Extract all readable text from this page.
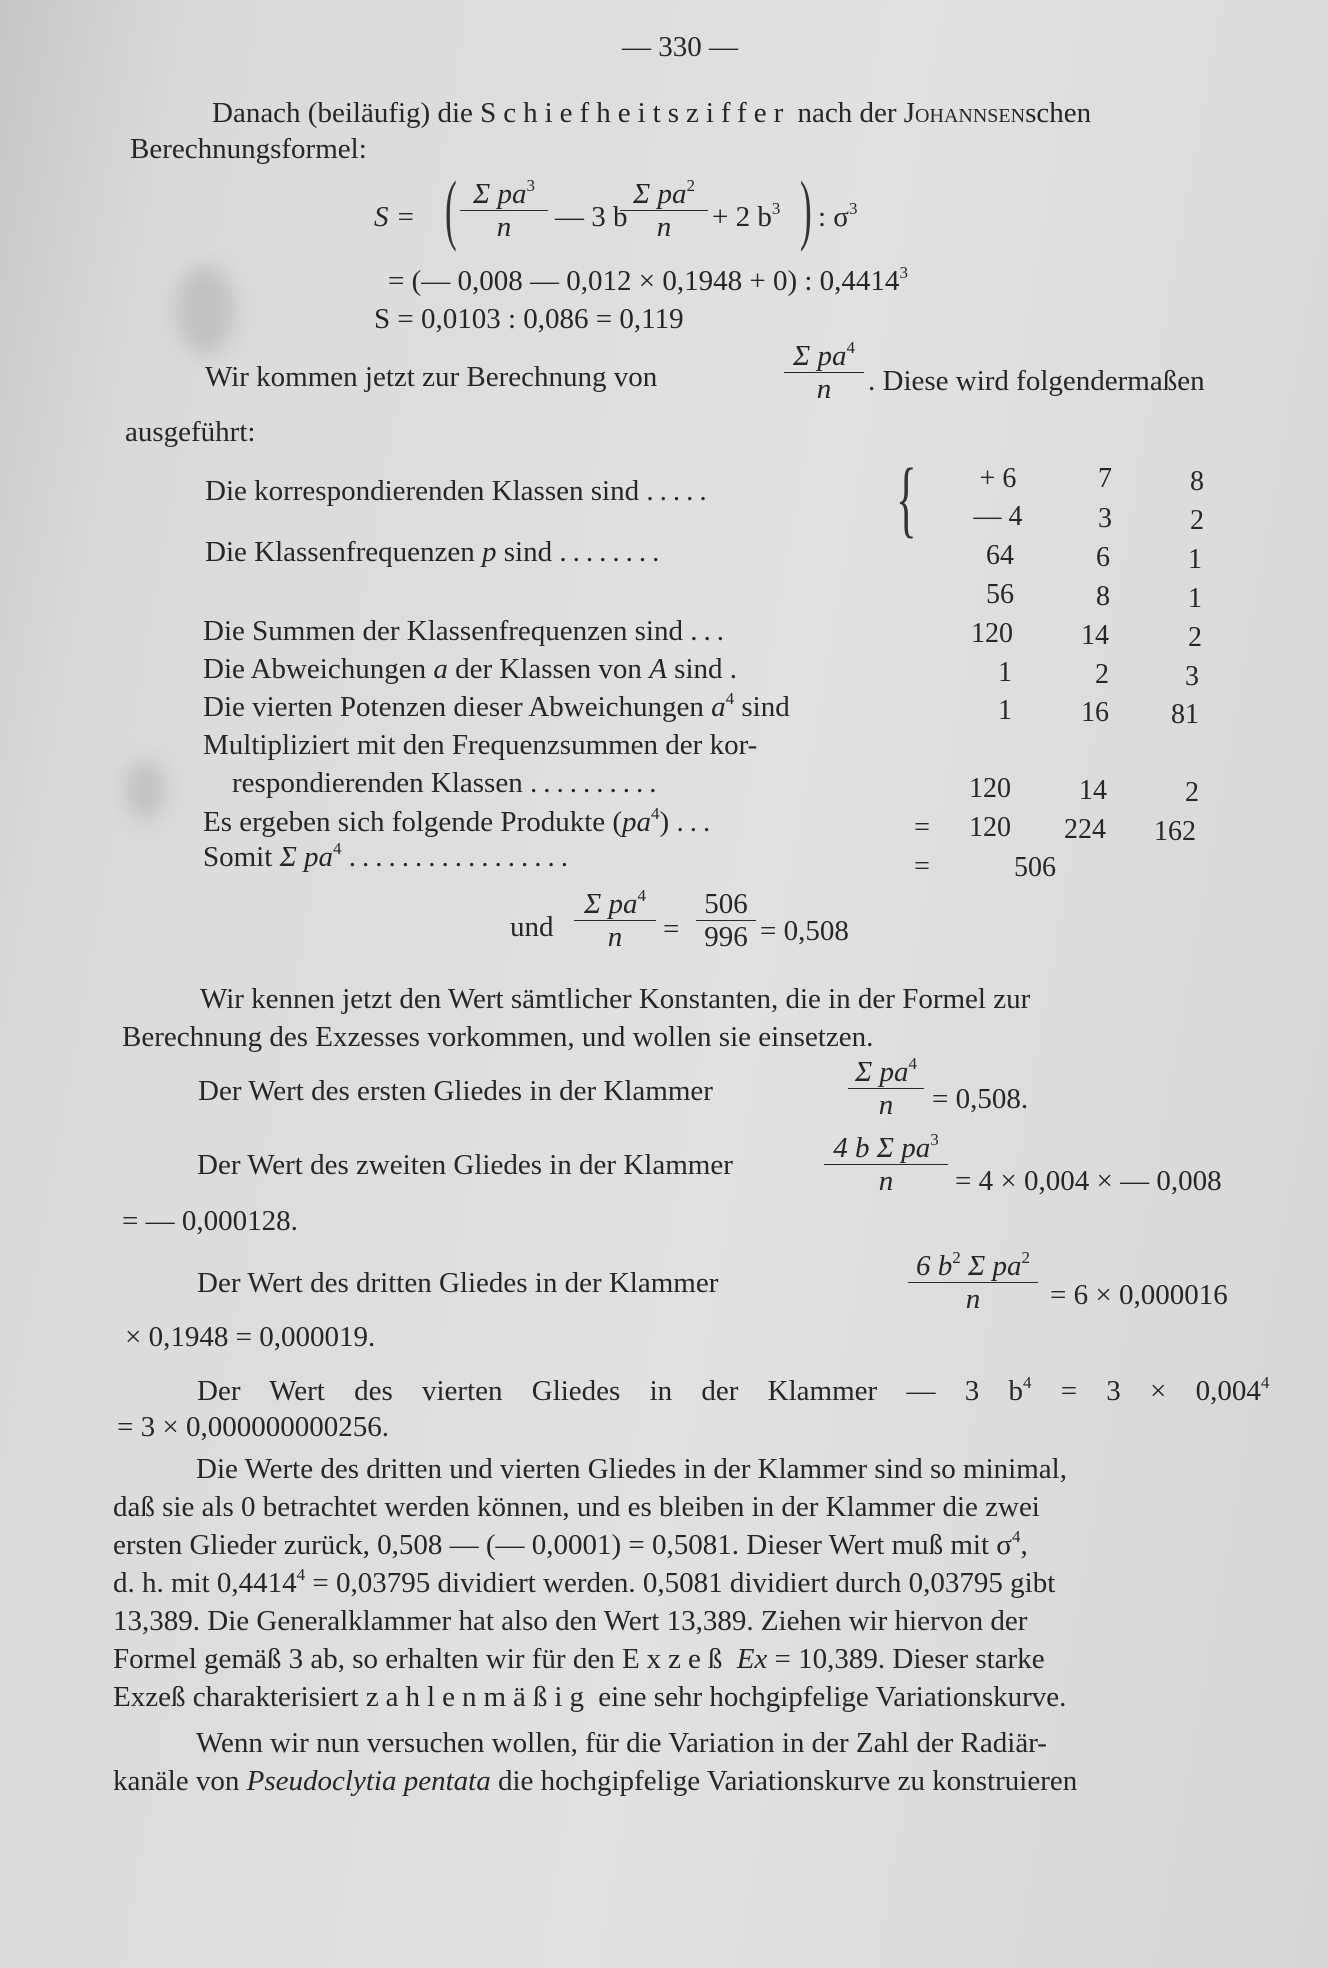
— 330 —
Danach (beiläufig) die Schiefheitsziffer nach der Johannsenschen
Berechnungsformel:
S = ( Σ $pa^3$
n	— 3 b
Σ $pa^2$
n	+ 2 $b^3$ ) : $\sigma^3$
= (— 0,008 — 0,012 × 0,1948 + 0) : 0,4414$^3$
S = 0,0103 : 0,086 = 0,119
Wir kommen jetzt zur Berechnung von
Σ $pa^4$
n	. Diese wird folgendermaßen
ausgeführt:
Die korrespondierenden Klassen sind ..... {
Die Klassenfrequenzen p sind ........
Die Summen der Klassenfrequenzen sind ...
Die Abweichungen a der Klassen von A sind .
Die vierten Potenzen dieser Abweichungen $a^4$ sind
Multipliziert mit den Frequenzsummen der kor-
respondierenden Klassen ..........
Es ergeben sich folgende Produkte $(pa^4)$ ...
Somit Σ $pa^4$ .................
+ 6	7	8
— 4	3	2
64	6	1
56	8	1
120	14	2
1	2	3
1	16	81
120	14	2
=	120	224	162
=	506
und
Σ $pa^4$
n	=
506
996 = 0,508
Wir kennen jetzt den Wert sämtlicher Konstanten, die in der Formel zur
Berechnung des Exzesses vorkommen, und wollen sie einsetzen.
Der Wert des ersten Gliedes in der Klammer
Σ $pa^4$
n	= 0,508.
Der Wert des zweiten Gliedes in der Klammer
4 b Σ $pa^3$
n	= 4 × 0,004 × — 0,008
= — 0,000128.
Der Wert des dritten Gliedes in der Klammer
6 $b^2$ Σ $pa^2$
n	= 6 × 0,000016
× 0,1948 = 0,000019.
Der Wert des vierten Gliedes in der Klammer — 3 $b^4 = 3 \times 0,004^4$
= 3 × 0,000000000256.
Die Werte des dritten und vierten Gliedes in der Klammer sind so minimal,
daß sie als 0 betrachtet werden können, und es bleiben in der Klammer die zwei
ersten Glieder zurück, 0,508 — (— 0,0001) = 0,5081. Dieser Wert muß mit $\sigma^4$,
d. h. mit $0,4414^4 = 0,03795$ dividiert werden. 0,5081 dividiert durch 0,03795 gibt
13,389. Die Generalklammer hat also den Wert 13,389. Ziehen wir hiervon der
Formel gemäß 3 ab, so erhalten wir für den Exzeß Ex = 10,389. Dieser starke
Exzeß charakterisiert zahlenmäßig eine sehr hochgipfelige Variationskurve.
Wenn wir nun versuchen wollen, für die Variation in der Zahl der Radiär-
kanäle von Pseudoclytia pentata die hochgipfelige Variationskurve zu konstruieren
